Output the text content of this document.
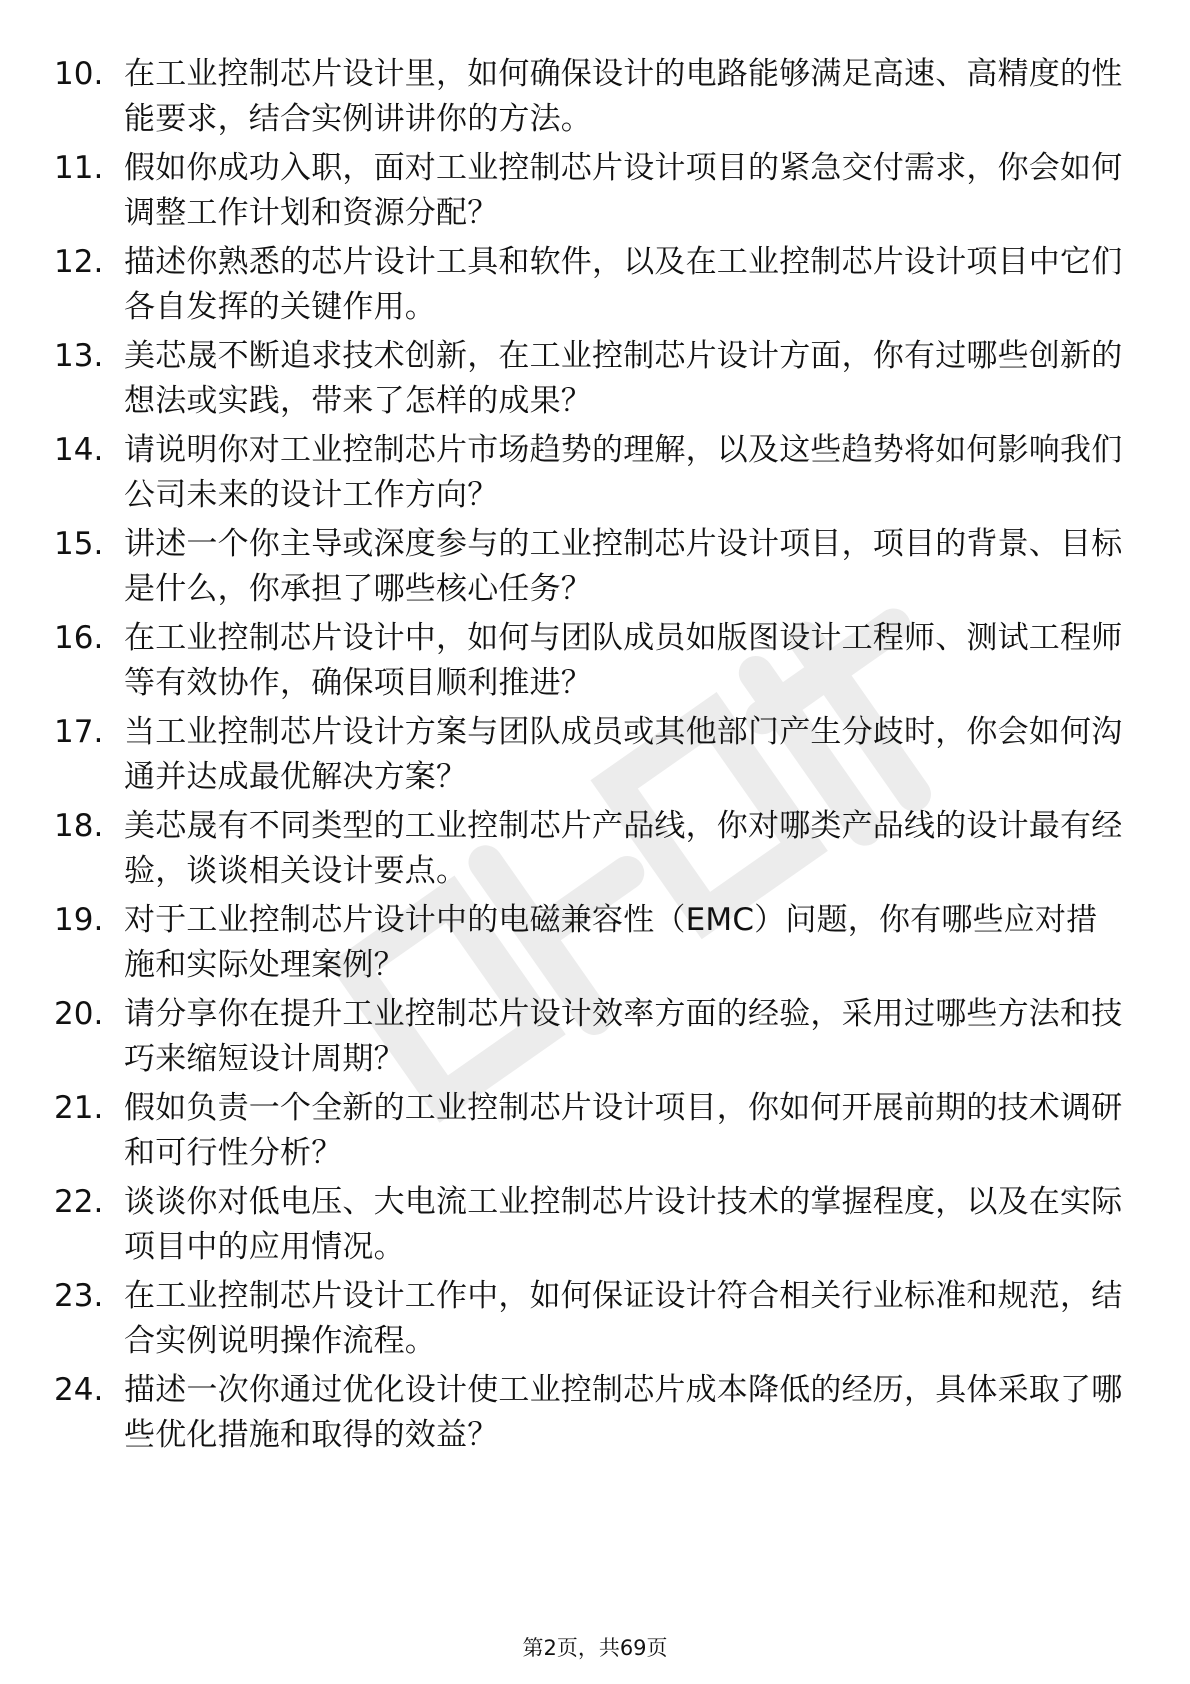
10. 在工业控制芯片设计里，如何确保设计的电路能够满足高速、高精度的性能要求，结合实例讲讲你的方法。
11. 假如你成功入职，面对工业控制芯片设计项目的紧急交付需求，你会如何调整工作计划和资源分配？
12. 描述你熟悉的芯片设计工具和软件，以及在工业控制芯片设计项目中它们各自发挥的关键作用。
13. 美芯晟不断追求技术创新，在工业控制芯片设计方面，你有过哪些创新的想法或实践，带来了怎样的成果？
14. 请说明你对工业控制芯片市场趋势的理解，以及这些趋势将如何影响我们公司未来的设计工作方向？
15. 讲述一个你主导或深度参与的工业控制芯片设计项目，项目的背景、目标是什么，你承担了哪些核心任务？
16. 在工业控制芯片设计中，如何与团队成员如版图设计工程师、测试工程师等有效协作，确保项目顺利推进？
17. 当工业控制芯片设计方案与团队成员或其他部门产生分歧时，你会如何沟通并达成最优解决方案？
18. 美芯晟有不同类型的工业控制芯片产品线，你对哪类产品线的设计最有经验，谈谈相关设计要点。
19. 对于工业控制芯片设计中的电磁兼容性（EMC）问题，你有哪些应对措施和实际处理案例？
20. 请分享你在提升工业控制芯片设计效率方面的经验，采用过哪些方法和技巧来缩短设计周期？
21. 假如负责一个全新的工业控制芯片设计项目，你如何开展前期的技术调研和可行性分析？
22. 谈谈你对低电压、大电流工业控制芯片设计技术的掌握程度，以及在实际项目中的应用情况。
23. 在工业控制芯片设计工作中，如何保证设计符合相关行业标准和规范，结合实例说明操作流程。
24. 描述一次你通过优化设计使工业控制芯片成本降低的经历，具体采取了哪些优化措施和取得的效益？
第2页，共69页
